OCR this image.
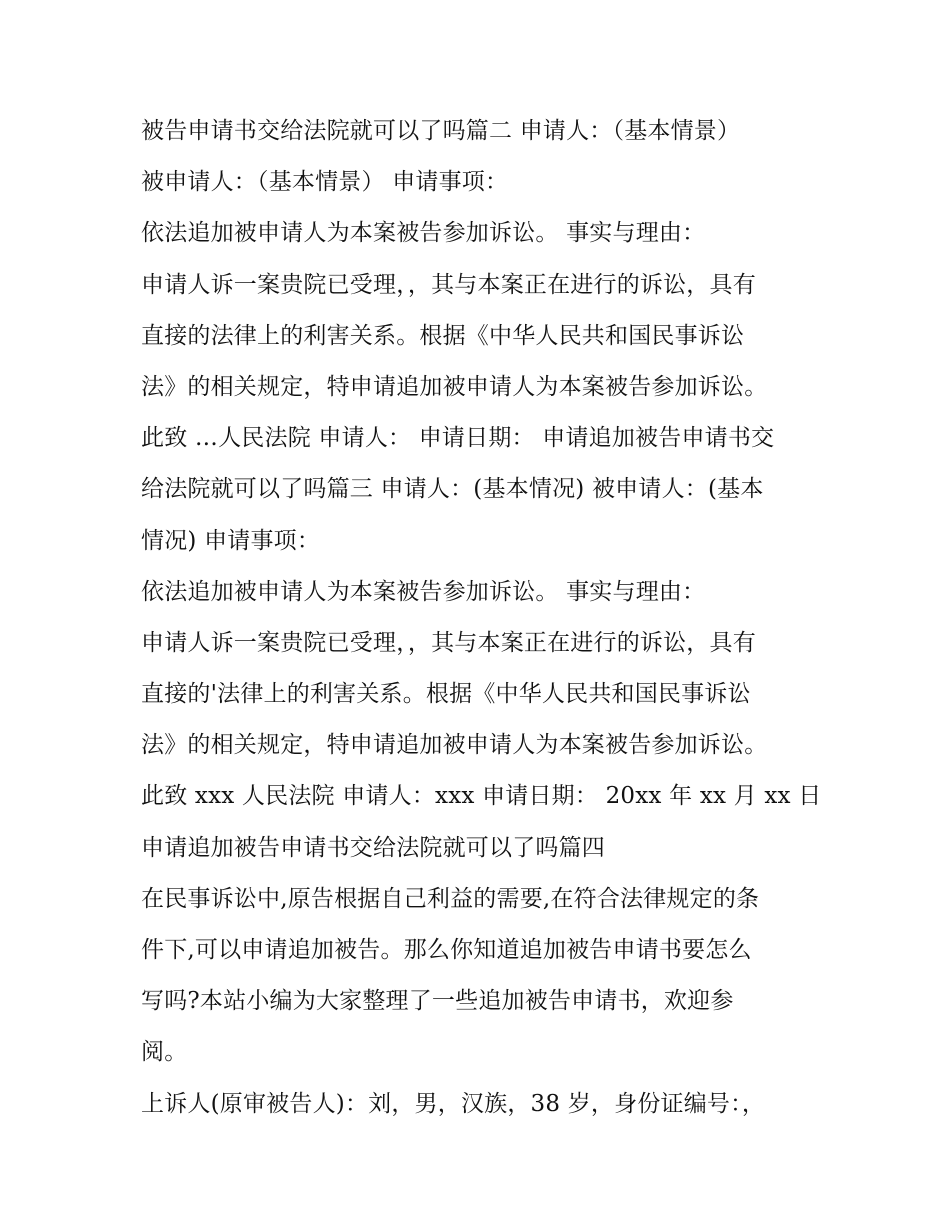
被告申请书交给法院就可以了吗篇二 申请人：（基本情景）
被申请人：（基本情景） 申请事项：
依法追加被申请人为本案被告参加诉讼。 事实与理由：
申请人诉一案贵院已受理，，其与本案正在进行的诉讼，具有
直接的法律上的利害关系。根据《中华人民共和国民事诉讼
法》的相关规定，特申请追加被申请人为本案被告参加诉讼。
此致 …人民法院 申请人： 申请日期： 申请追加被告申请书交
给法院就可以了吗篇三 申请人：(基本情况) 被申请人：(基本
情况) 申请事项：
依法追加被申请人为本案被告参加诉讼。 事实与理由：
申请人诉一案贵院已受理，，其与本案正在进行的诉讼，具有
直接的'法律上的利害关系。根据《中华人民共和国民事诉讼
法》的相关规定，特申请追加被申请人为本案被告参加诉讼。
此致 xxx 人民法院 申请人：xxx 申请日期： 20xx 年 xx 月 xx 日
申请追加被告申请书交给法院就可以了吗篇四
在民事诉讼中,原告根据自己利益的需要,在符合法律规定的条
件下,可以申请追加被告。那么你知道追加被告申请书要怎么
写吗?本站小编为大家整理了一些追加被告申请书，欢迎参
阅。
上诉人(原审被告人)：刘，男，汉族，38 岁，身份证编号：，
